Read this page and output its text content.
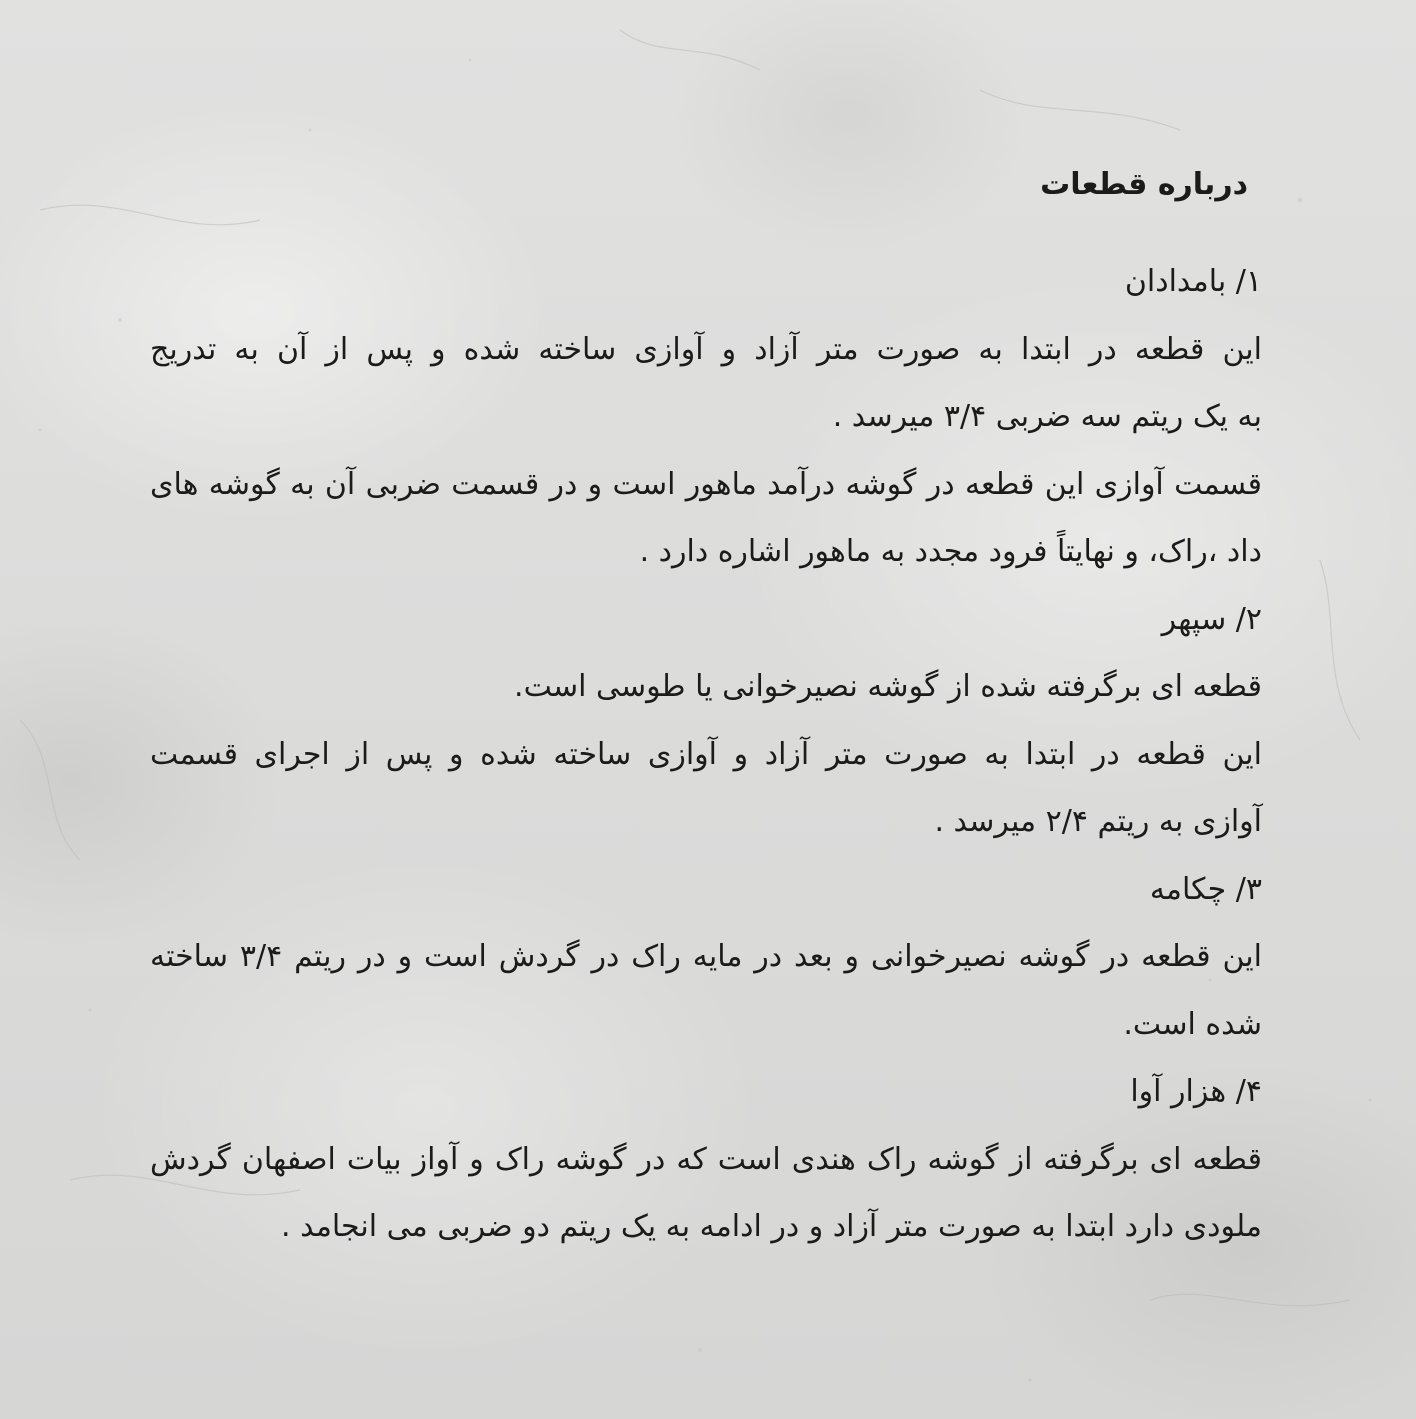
درباره قطعات
۱/ بامدادان
این قطعه در ابتدا به صورت متر آزاد و آوازی ساخته شده و پس از آن به تدریج
به یک ریتم سه ضربی ۳/۴ میرسد .
قسمت آوازی این قطعه در گوشه درآمد ماهور است و در قسمت ضربی آن به گوشه های
داد ،راک، و نهایتاً فرود مجدد به ماهور اشاره دارد .
۲/ سپهر
قطعه ای برگرفته شده از گوشه نصیرخوانی یا طوسی است.
این قطعه در ابتدا به صورت متر آزاد و آوازی ساخته شده و پس از اجرای قسمت
آوازی به ریتم ۲/۴ میرسد .
۳/ چکامه
این قطعه در گوشه نصیرخوانی و بعد در مایه راک در گردش است و در ریتم ۳/۴ ساخته
شده است.
۴/ هزار آوا
قطعه ای برگرفته از گوشه راک هندی است که در گوشه راک و آواز بیات اصفهان گردش
ملودی دارد ابتدا به صورت متر آزاد و در ادامه به یک ریتم دو ضربی می انجامد .
